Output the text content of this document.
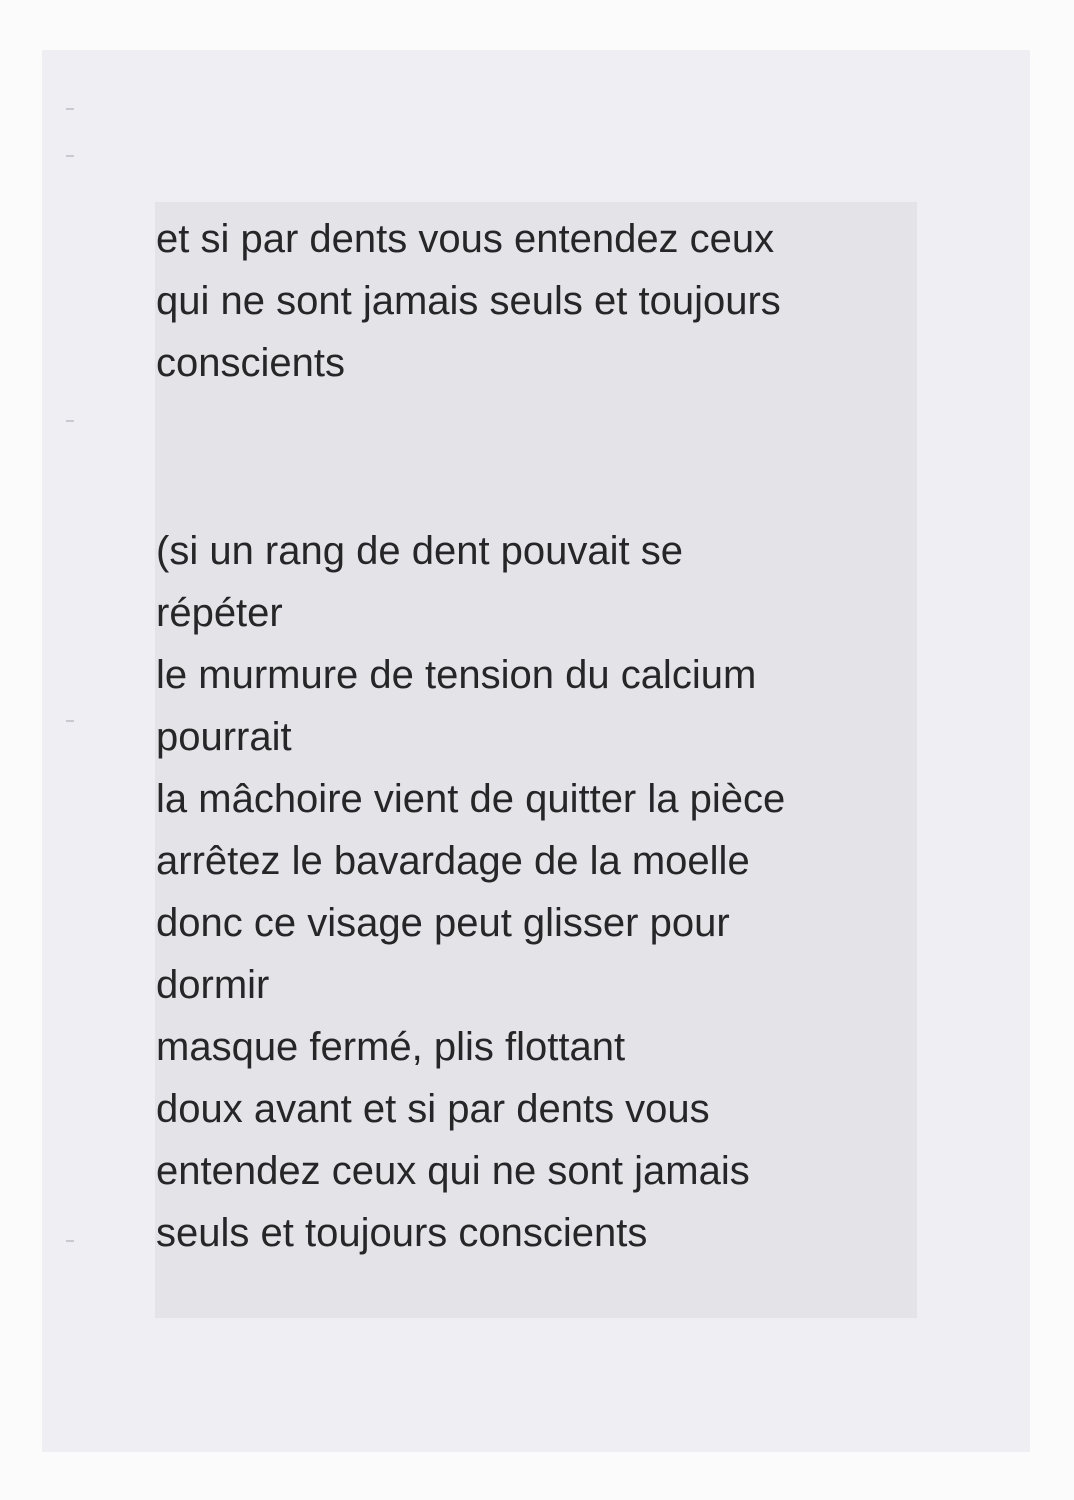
et si par dents vous entendez ceux
qui ne sont jamais seuls et toujours
conscients

(si un rang de dent pouvait se
répéter
le murmure de tension du calcium
pourrait
la mâchoire vient de quitter la pièce
arrêtez le bavardage de la moelle
donc ce visage peut glisser pour
dormir
masque fermé, plis flottant
doux avant et si par dents vous
entendez ceux qui ne sont jamais
seuls et toujours conscients
